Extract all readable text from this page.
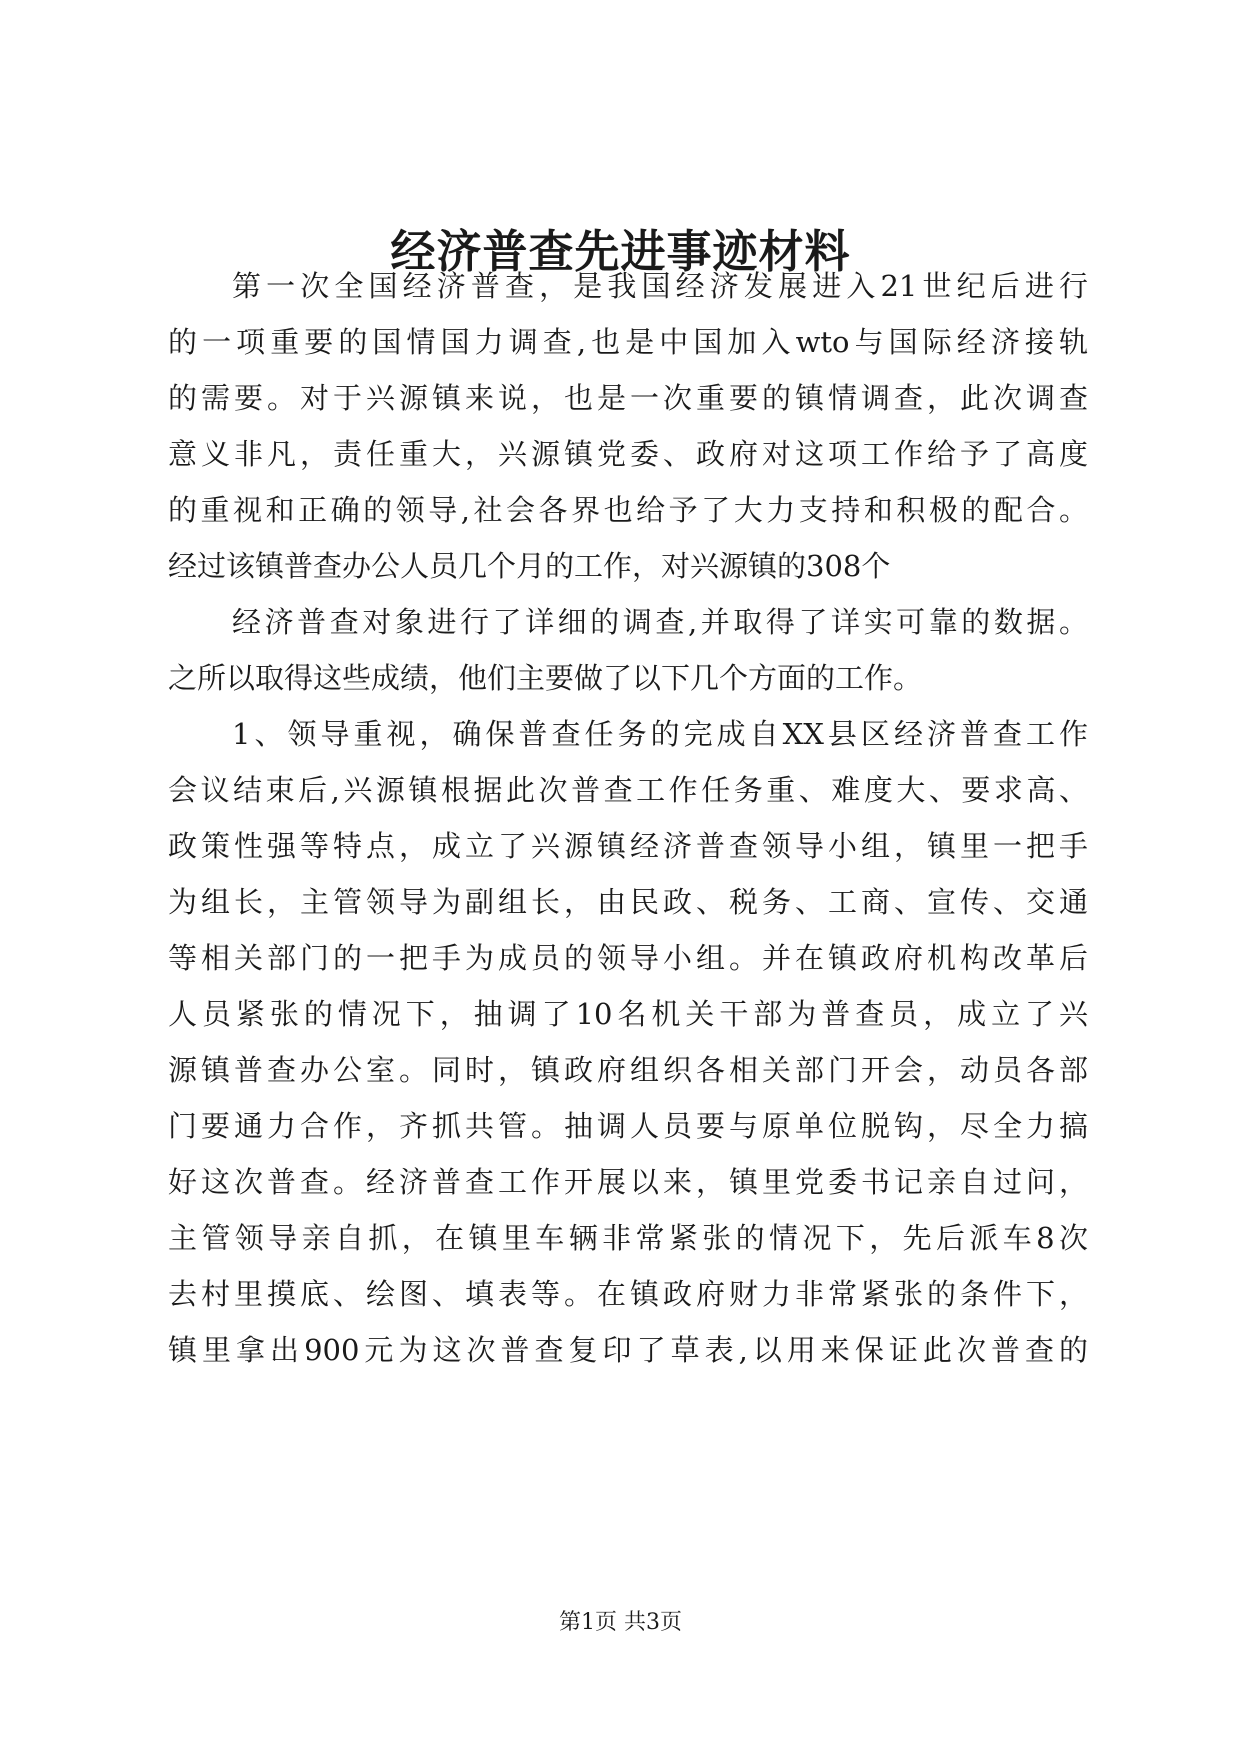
经济普查先进事迹材料

第一次全国经济普查，是我国经济发展进入21世纪后进行

的一项重要的国情国力调查,也是中国加入wto与国际经济接轨

的需要。对于兴源镇来说，也是一次重要的镇情调查，此次调查

意义非凡，责任重大，兴源镇党委、政府对这项工作给予了高度

的重视和正确的领导,社会各界也给予了大力支持和积极的配合。

经过该镇普查办公人员几个月的工作，对兴源镇的308个

经济普查对象进行了详细的调查,并取得了详实可靠的数据。

之所以取得这些成绩，他们主要做了以下几个方面的工作。

1、领导重视，确保普查任务的完成自XX县区经济普查工作

会议结束后,兴源镇根据此次普查工作任务重、难度大、要求高、

政策性强等特点，成立了兴源镇经济普查领导小组，镇里一把手

为组长，主管领导为副组长，由民政、税务、工商、宣传、交通

等相关部门的一把手为成员的领导小组。并在镇政府机构改革后

人员紧张的情况下，抽调了10名机关干部为普查员，成立了兴

源镇普查办公室。同时，镇政府组织各相关部门开会，动员各部

门要通力合作，齐抓共管。抽调人员要与原单位脱钩，尽全力搞

好这次普查。经济普查工作开展以来，镇里党委书记亲自过问，

主管领导亲自抓，在镇里车辆非常紧张的情况下，先后派车8次

去村里摸底、绘图、填表等。在镇政府财力非常紧张的条件下，

镇里拿出900元为这次普查复印了草表,以用来保证此次普查的

第1页 共3页
